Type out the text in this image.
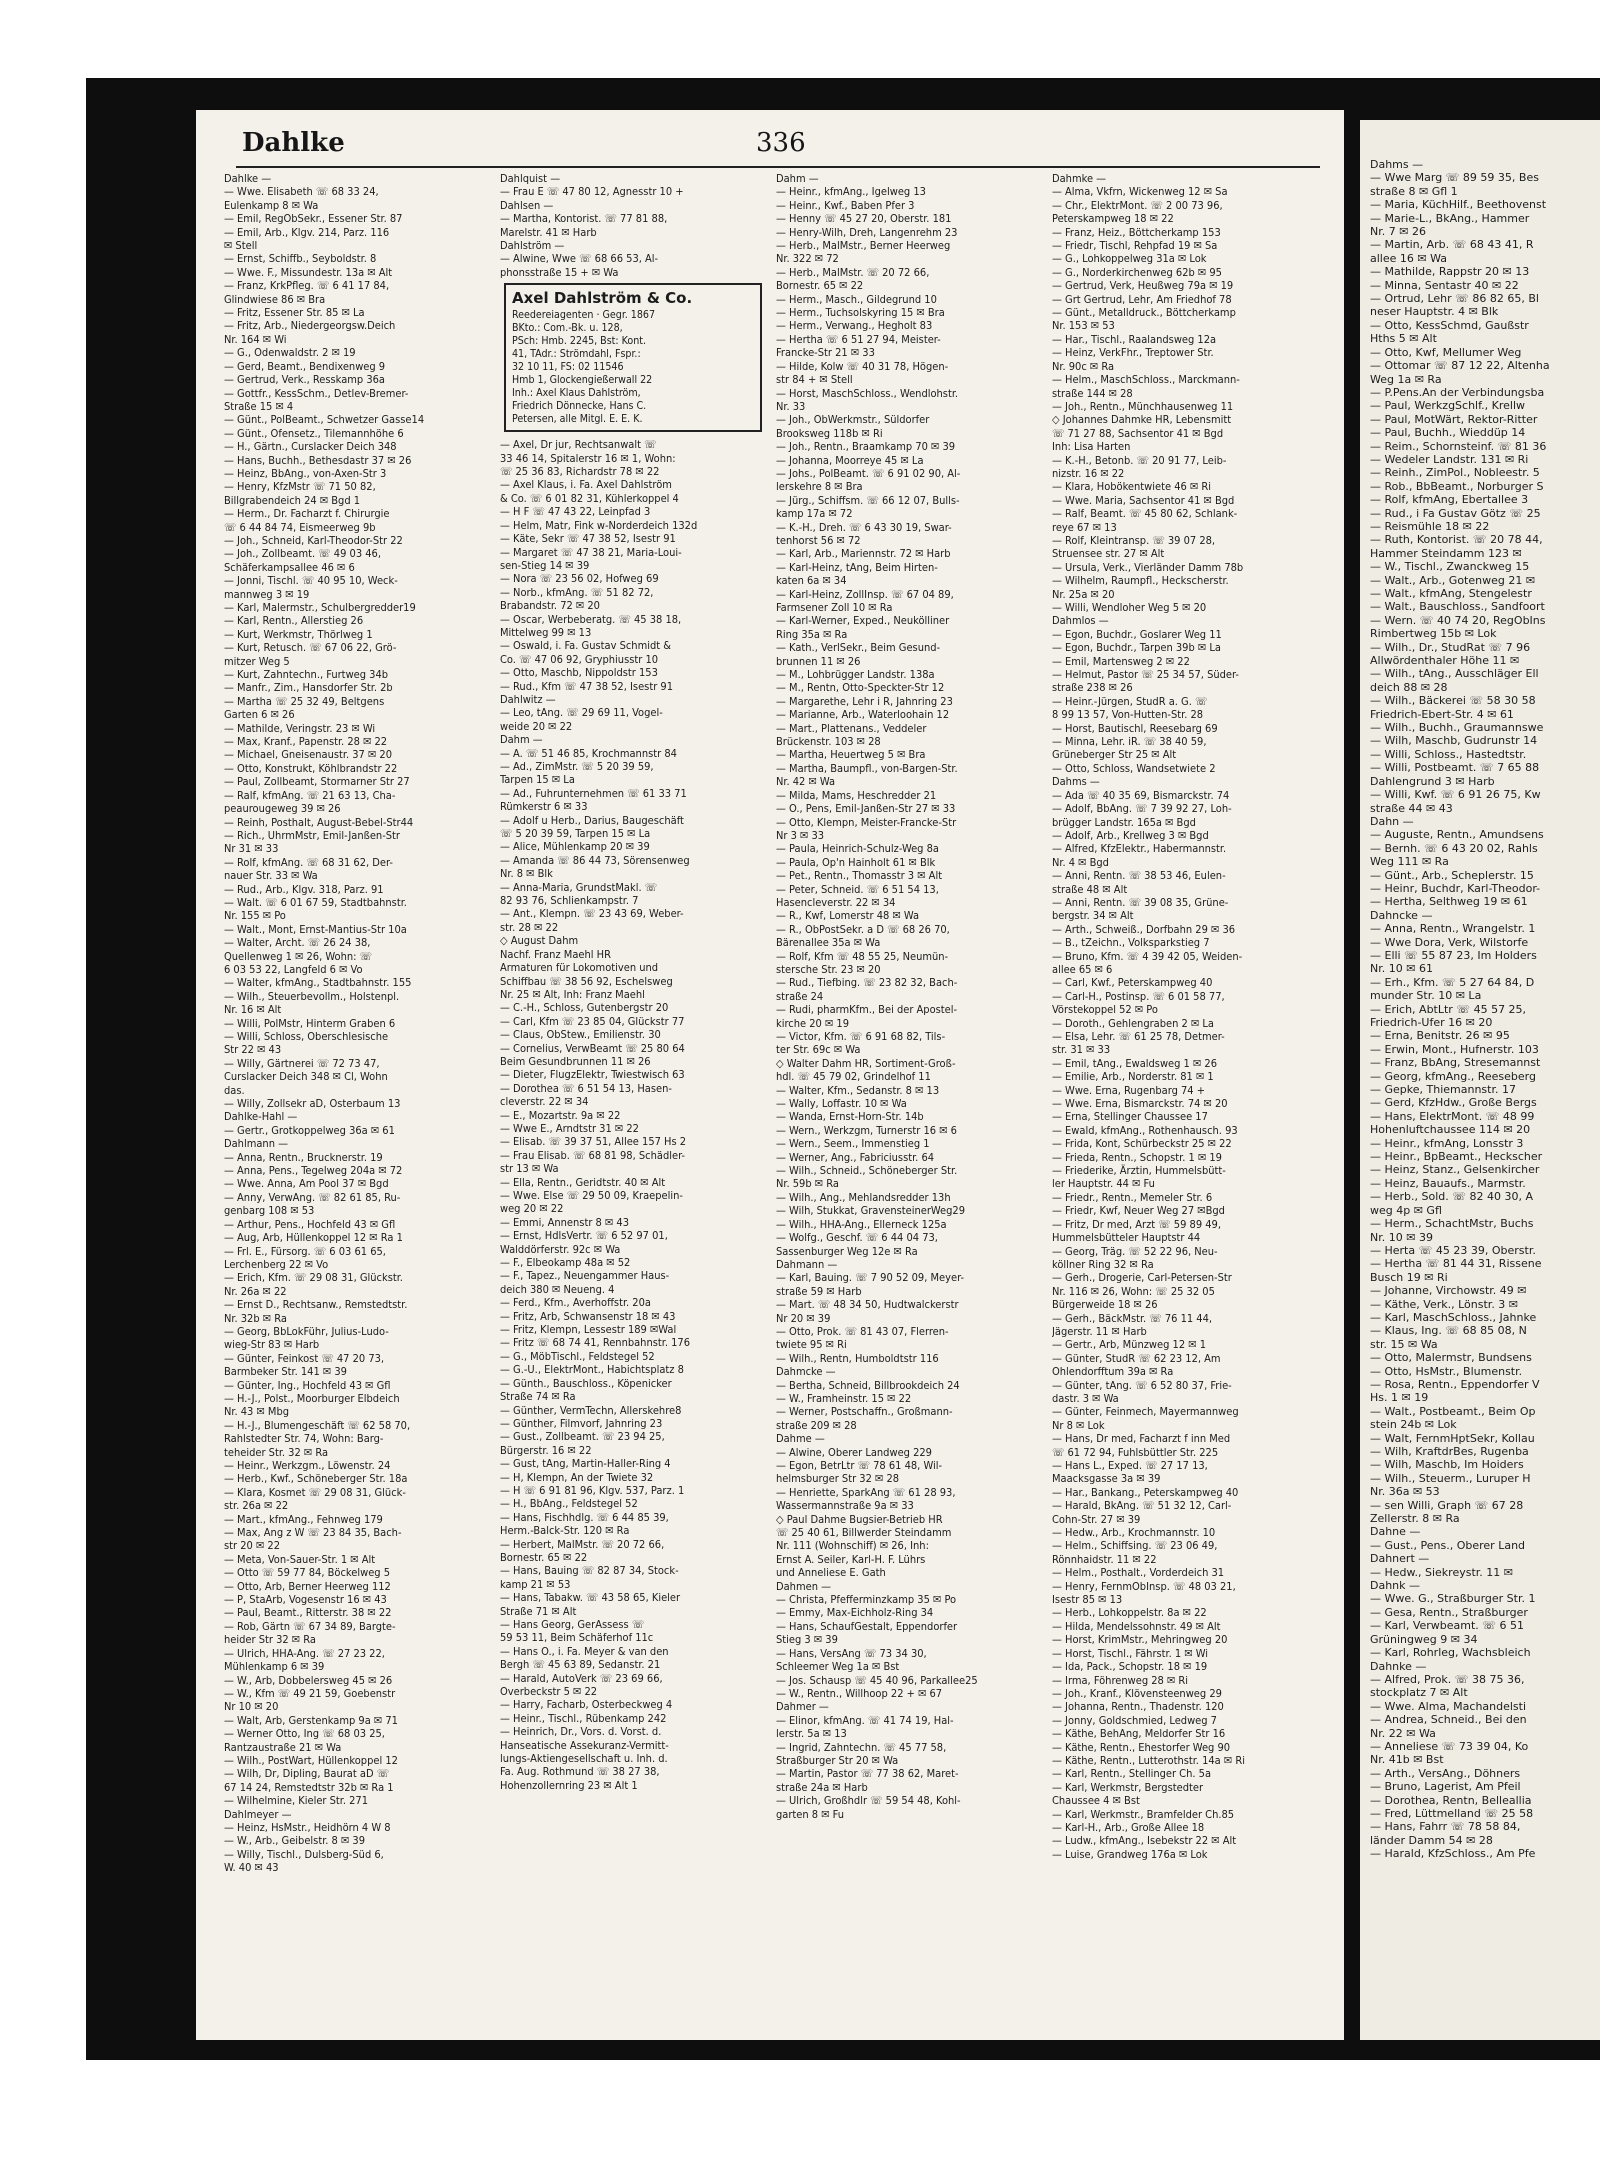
Dahlke	336
Dahlke —
— Wwe. Elisabeth ☏ 68 33 24,
Eulenkamp 8 ✉ Wa
— Emil, RegObSekr., Essener Str. 87
— Emil, Arb., Klgv. 214, Parz. 116
✉ Stell
— Ernst, Schiffb., Seyboldstr. 8
— Wwe. F., Missundestr. 13a ✉ Alt
— Franz, KrkPfleg. ☏ 6 41 17 84,
Glindwiese 86 ✉ Bra
— Fritz, Essener Str. 85 ✉ La
— Fritz, Arb., Niedergeorgsw.Deich
Nr. 164 ✉ Wi
— G., Odenwaldstr. 2 ✉ 19
— Gerd, Beamt., Bendixenweg 9
— Gertrud, Verk., Resskamp 36a
— Gottfr., KessSchm., Detlev-Bremer-
Straße 15 ✉ 4
— Günt., PolBeamt., Schwetzer Gasse14
— Günt., Ofensetz., Tilemannhöhe 6
— H., Gärtn., Curslacker Deich 348
— Hans, Buchh., Bethesdastr 37 ✉ 26
— Heinz, BbAng., von-Axen-Str 3
— Henry, KfzMstr ☏ 71 50 82,
Billgrabendeich 24 ✉ Bgd 1
— Herm., Dr. Facharzt f. Chirurgie
☏ 6 44 84 74, Eismeerweg 9b
— Joh., Schneid, Karl-Theodor-Str 22
— Joh., Zollbeamt. ☏ 49 03 46,
Schäferkampsallee 46 ✉ 6
— Jonni, Tischl. ☏ 40 95 10, Weck-
mannweg 3 ✉ 19
— Karl, Malermstr., Schulbergredder19
— Karl, Rentn., Allerstieg 26
— Kurt, Werkmstr, Thörlweg 1
— Kurt, Retusch. ☏ 67 06 22, Grö-
mitzer Weg 5
— Kurt, Zahntechn., Furtweg 34b
— Manfr., Zim., Hansdorfer Str. 2b
— Martha ☏ 25 32 49, Beltgens
Garten 6 ✉ 26
— Mathilde, Veringstr. 23 ✉ Wi
— Max, Kranf., Papenstr. 28 ✉ 22
— Michael, Gneisenaustr. 37 ✉ 20
— Otto, Konstrukt, Köhlbrandstr 22
— Paul, Zollbeamt, Stormarner Str 27
— Ralf, kfmAng. ☏ 21 63 13, Cha-
peaurougeweg 39 ✉ 26
— Reinh, Posthalt, August-Bebel-Str44
— Rich., UhrmMstr, Emil-Janßen-Str
Nr 31 ✉ 33
— Rolf, kfmAng. ☏ 68 31 62, Der-
nauer Str. 33 ✉ Wa
— Rud., Arb., Klgv. 318, Parz. 91
— Walt. ☏ 6 01 67 59, Stadtbahnstr.
Nr. 155 ✉ Po
— Walt., Mont, Ernst-Mantius-Str 10a
— Walter, Archt. ☏ 26 24 38,
Quellenweg 1 ✉ 26, Wohn: ☏
6 03 53 22, Langfeld 6 ✉ Vo
— Walter, kfmAng., Stadtbahnstr. 155
— Wilh., Steuerbevollm., Holstenpl.
Nr. 16 ✉ Alt
— Willi, PolMstr, Hinterm Graben 6
— Willi, Schloss, Oberschlesische
Str 22 ✉ 43
— Willy, Gärtnerei ☏ 72 73 47,
Curslacker Deich 348 ✉ Cl, Wohn
das.
— Willy, Zollsekr aD, Osterbaum 13
Dahlke-Hahl —
— Gertr., Grotkoppelweg 36a ✉ 61
Dahlmann —
— Anna, Rentn., Brucknerstr. 19
— Anna, Pens., Tegelweg 204a ✉ 72
— Wwe. Anna, Am Pool 37 ✉ Bgd
— Anny, VerwAng. ☏ 82 61 85, Ru-
genbarg 108 ✉ 53
— Arthur, Pens., Hochfeld 43 ✉ Gfl
— Aug, Arb, Hüllenkoppel 12 ✉ Ra 1
— Frl. E., Fürsorg. ☏ 6 03 61 65,
Lerchenberg 22 ✉ Vo
— Erich, Kfm. ☏ 29 08 31, Glückstr.
Nr. 26a ✉ 22
— Ernst D., Rechtsanw., Remstedtstr.
Nr. 32b ✉ Ra
— Georg, BbLokFühr, Julius-Ludo-
wieg-Str 83 ✉ Harb
— Günter, Feinkost ☏ 47 20 73,
Barmbeker Str. 141 ✉ 39
— Günter, Ing., Hochfeld 43 ✉ Gfl
— H.-J., Polst., Moorburger Elbdeich
Nr. 43 ✉ Mbg
— H.-J., Blumengeschäft ☏ 62 58 70,
Rahlstedter Str. 74, Wohn: Barg-
teheider Str. 32 ✉ Ra
— Heinr., Werkzgm., Löwenstr. 24
— Herb., Kwf., Schöneberger Str. 18a
— Klara, Kosmet ☏ 29 08 31, Glück-
str. 26a ✉ 22
— Mart., kfmAng., Fehnweg 179
— Max, Ang z W ☏ 23 84 35, Bach-
str 20 ✉ 22
— Meta, Von-Sauer-Str. 1 ✉ Alt
— Otto ☏ 59 77 84, Böckelweg 5
— Otto, Arb, Berner Heerweg 112
— P, StaArb, Vogesenstr 16 ✉ 43
— Paul, Beamt., Ritterstr. 38 ✉ 22
— Rob, Gärtn ☏ 67 34 89, Bargte-
heider Str 32 ✉ Ra
— Ulrich, HHA-Ang. ☏ 27 23 22,
Mühlenkamp 6 ✉ 39
— W., Arb, Dobbelersweg 45 ✉ 26
— W., Kfm ☏ 49 21 59, Goebenstr
Nr 10 ✉ 20
— Walt, Arb, Gerstenkamp 9a ✉ 71
— Werner Otto, Ing ☏ 68 03 25,
Rantzaustraße 21 ✉ Wa
— Wilh., PostWart, Hüllenkoppel 12
— Wilh, Dr, Dipling, Baurat aD ☏
67 14 24, Remstedtstr 32b ✉ Ra 1
— Wilhelmine, Kieler Str. 271
Dahlmeyer —
— Heinz, HsMstr., Heidhörn 4 W 8
— W., Arb., Geibelstr. 8 ✉ 39
— Willy, Tischl., Dulsberg-Süd 6,
W. 40 ✉ 43
Dahlquist —
— Frau E ☏ 47 80 12, Agnesstr 10 +
Dahlsen —
— Martha, Kontorist. ☏ 77 81 88,
Marelstr. 41 ✉ Harb
Dahlström —
— Alwine, Wwe ☏ 68 66 53, Al-
phonsstraße 15 + ✉ Wa
Axel Dahlström & Co.
Reedereiagenten · Gegr. 1867
BKto.: Com.-Bk. u. 128,
PSch: Hmb. 2245, Bst: Kont.
41, TAdr.: Strömdahl, Fspr.:
32 10 11, FS: 02 11546
Hmb 1, Glockengießerwall 22
Inh.: Axel Klaus Dahlström,
Friedrich Dönnecke, Hans C.
Petersen, alle Mitgl. E. E. K.
— Axel, Dr jur, Rechtsanwalt ☏
33 46 14, Spitalerstr 16 ✉ 1, Wohn:
☏ 25 36 83, Richardstr 78 ✉ 22
— Axel Klaus, i. Fa. Axel Dahlström
& Co. ☏ 6 01 82 31, Kühlerkoppel 4
— H F ☏ 47 43 22, Leinpfad 3
— Helm, Matr, Fink w-Norderdeich 132d
— Käte, Sekr ☏ 47 38 52, Isestr 91
— Margaret ☏ 47 38 21, Maria-Loui-
sen-Stieg 14 ✉ 39
— Nora ☏ 23 56 02, Hofweg 69
— Norb., kfmAng. ☏ 51 82 72,
Brabandstr. 72 ✉ 20
— Oscar, Werbeberatg. ☏ 45 38 18,
Mittelweg 99 ✉ 13
— Oswald, i. Fa. Gustav Schmidt &
Co. ☏ 47 06 92, Gryphiusstr 10
— Otto, Maschb, Nippoldstr 153
— Rud., Kfm ☏ 47 38 52, Isestr 91
Dahlwitz —
— Leo, tAng. ☏ 29 69 11, Vogel-
weide 20 ✉ 22
Dahm —
— A. ☏ 51 46 85, Krochmannstr 84
— Ad., ZimMstr. ☏ 5 20 39 59,
Tarpen 15 ✉ La
— Ad., Fuhrunternehmen ☏ 61 33 71
Rümkerstr 6 ✉ 33
— Adolf u Herb., Darius, Baugeschäft
☏ 5 20 39 59, Tarpen 15 ✉ La
— Alice, Mühlenkamp 20 ✉ 39
— Amanda ☏ 86 44 73, Sörensenweg
Nr. 8 ✉ Blk
— Anna-Maria, GrundstMakl. ☏
82 93 76, Schlienkampstr. 7
— Ant., Klempn. ☏ 23 43 69, Weber-
str. 28 ✉ 22
◇ August Dahm
Nachf. Franz Maehl HR
Armaturen für Lokomotiven und
Schiffbau ☏ 38 56 92, Eschelsweg
Nr. 25 ✉ Alt, Inh: Franz Maehl
— C.-H., Schloss, Gutenbergstr 20
— Carl, Kfm ☏ 23 85 04, Glückstr 77
— Claus, ObStew., Emilienstr. 30
— Cornelius, VerwBeamt ☏ 25 80 64
Beim Gesundbrunnen 11 ✉ 26
— Dieter, FlugzElektr, Twiestwisch 63
— Dorothea ☏ 6 51 54 13, Hasen-
cleverstr. 22 ✉ 34
— E., Mozartstr. 9a ✉ 22
— Wwe E., Arndtstr 31 ✉ 22
— Elisab. ☏ 39 37 51, Allee 157 Hs 2
— Frau Elisab. ☏ 68 81 98, Schädler-
str 13 ✉ Wa
— Ella, Rentn., Geridtstr. 40 ✉ Alt
— Wwe. Else ☏ 29 50 09, Kraepelin-
weg 20 ✉ 22
— Emmi, Annenstr 8 ✉ 43
— Ernst, HdlsVertr. ☏ 6 52 97 01,
Walddörferstr. 92c ✉ Wa
— F., Elbeokamp 48a ✉ 52
— F., Tapez., Neuengammer Haus-
deich 380 ✉ Neueng. 4
— Ferd., Kfm., Averhoffstr. 20a
— Fritz, Arb, Schwansenstr 18 ✉ 43
— Fritz, Klempn, Lessestr 189 ✉Wal
— Fritz ☏ 68 74 41, Rennbahnstr. 176
— G., MöbTischl., Feldstegel 52
— G.-U., ElektrMont., Habichtsplatz 8
— Günth., Bauschloss., Köpenicker
Straße 74 ✉ Ra
— Günther, VermTechn, Allerskehre8
— Günther, Filmvorf, Jahnring 23
— Gust., Zollbeamt. ☏ 23 94 25,
Bürgerstr. 16 ✉ 22
— Gust, tAng, Martin-Haller-Ring 4
— H, Klempn, An der Twiete 32
— H ☏ 6 91 81 96, Klgv. 537, Parz. 1
— H., BbAng., Feldstegel 52
— Hans, Fischhdlg. ☏ 6 44 85 39,
Herm.-Balck-Str. 120 ✉ Ra
— Herbert, MalMstr. ☏ 20 72 66,
Bornestr. 65 ✉ 22
— Hans, Bauing ☏ 82 87 34, Stock-
kamp 21 ✉ 53
— Hans, Tabakw. ☏ 43 58 65, Kieler
Straße 71 ✉ Alt
— Hans Georg, GerAssess ☏
59 53 11, Beim Schäferhof 11c
— Hans O., i. Fa. Meyer & van den
Bergh ☏ 45 63 89, Sedanstr. 21
— Harald, AutoVerk ☏ 23 69 66,
Overbeckstr 5 ✉ 22
— Harry, Facharb, Osterbeckweg 4
— Heinr., Tischl., Rübenkamp 242
— Heinrich, Dr., Vors. d. Vorst. d.
Hanseatische Assekuranz-Vermitt-
lungs-Aktiengesellschaft u. Inh. d.
Fa. Aug. Rothmund ☏ 38 27 38,
Hohenzollernring 23 ✉ Alt 1
Dahm —
— Heinr., kfmAng., Igelweg 13
— Heinr., Kwf., Baben Pfer 3
— Henny ☏ 45 27 20, Oberstr. 181
— Henry-Wilh, Dreh, Langenrehm 23
— Herb., MalMstr., Berner Heerweg
Nr. 322 ✉ 72
— Herb., MalMstr. ☏ 20 72 66,
Bornestr. 65 ✉ 22
— Herm., Masch., Gildegrund 10
— Herm., Tuchsolskyring 15 ✉ Bra
— Herm., Verwang., Hegholt 83
— Hertha ☏ 6 51 27 94, Meister-
Francke-Str 21 ✉ 33
— Hilde, Kolw ☏ 40 31 78, Högen-
str 84 + ✉ Stell
— Horst, MaschSchloss., Wendlohstr.
Nr. 33
— Joh., ObWerkmstr., Süldorfer
Brooksweg 118b ✉ Ri
— Joh., Rentn., Braamkamp 70 ✉ 39
— Johanna, Moorreye 45 ✉ La
— Johs., PolBeamt. ☏ 6 91 02 90, Al-
lerskehre 8 ✉ Bra
— Jürg., Schiffsm. ☏ 66 12 07, Bulls-
kamp 17a ✉ 72
— K.-H., Dreh. ☏ 6 43 30 19, Swar-
tenhorst 56 ✉ 72
— Karl, Arb., Mariennstr. 72 ✉ Harb
— Karl-Heinz, tAng, Beim Hirten-
katen 6a ✉ 34
— Karl-Heinz, ZollInsp. ☏ 67 04 89,
Farmsener Zoll 10 ✉ Ra
— Karl-Werner, Exped., Neukölliner
Ring 35a ✉ Ra
— Kath., VerlSekr., Beim Gesund-
brunnen 11 ✉ 26
— M., Lohbrügger Landstr. 138a
— M., Rentn, Otto-Speckter-Str 12
— Margarethe, Lehr i R, Jahnring 23
— Marianne, Arb., Waterloohain 12
— Mart., Plattenans., Veddeler
Brückenstr. 103 ✉ 28
— Martha, Heuertweg 5 ✉ Bra
— Martha, Baumpfl., von-Bargen-Str.
Nr. 42 ✉ Wa
— Milda, Mams, Heschredder 21
— O., Pens, Emil-Janßen-Str 27 ✉ 33
— Otto, Klempn, Meister-Francke-Str
Nr 3 ✉ 33
— Paula, Heinrich-Schulz-Weg 8a
— Paula, Op'n Hainholt 61 ✉ Blk
— Pet., Rentn., Thomasstr 3 ✉ Alt
— Peter, Schneid. ☏ 6 51 54 13,
Hasencleverstr. 22 ✉ 34
— R., Kwf, Lomerstr 48 ✉ Wa
— R., ObPostSekr. a D ☏ 68 26 70,
Bärenallee 35a ✉ Wa
— Rolf, Kfm ☏ 48 55 25, Neumün-
stersche Str. 23 ✉ 20
— Rud., Tiefbing. ☏ 23 82 32, Bach-
straße 24
— Rudi, pharmKfm., Bei der Apostel-
kirche 20 ✉ 19
— Victor, Kfm. ☏ 6 91 68 82, Tils-
ter Str. 69c ✉ Wa
◇ Walter Dahm HR, Sortiment-Groß-
hdl. ☏ 45 79 02, Grindelhof 11
— Walter, Kfm., Sedanstr. 8 ✉ 13
— Wally, Loffastr. 10 ✉ Wa
— Wanda, Ernst-Horn-Str. 14b
— Wern., Werkzgm, Turnerstr 16 ✉ 6
— Wern., Seem., Immenstieg 1
— Werner, Ang., Fabriciusstr. 64
— Wilh., Schneid., Schöneberger Str.
Nr. 59b ✉ Ra
— Wilh., Ang., Mehlandsredder 13h
— Wilh, Stukkat, GravensteinerWeg29
— Wilh., HHA-Ang., Ellerneck 125a
— Wolfg., Geschf. ☏ 6 44 04 73,
Sassenburger Weg 12e ✉ Ra
Dahmann —
— Karl, Bauing. ☏ 7 90 52 09, Meyer-
straße 59 ✉ Harb
— Mart. ☏ 48 34 50, Hudtwalckerstr
Nr 20 ✉ 39
— Otto, Prok. ☏ 81 43 07, Flerren-
twiete 95 ✉ Ri
— Wilh., Rentn, Humboldtstr 116
Dahmcke —
— Bertha, Schneid, Billbrookdeich 24
— W., Framheinstr. 15 ✉ 22
— Werner, Postschaffn., Großmann-
straße 209 ✉ 28
Dahme —
— Alwine, Oberer Landweg 229
— Egon, BetrLtr ☏ 78 61 48, Wil-
helmsburger Str 32 ✉ 28
— Henriette, SparkAng ☏ 61 28 93,
Wassermannstraße 9a ✉ 33
◇ Paul Dahme Bugsier-Betrieb HR
☏ 25 40 61, Billwerder Steindamm
Nr. 111 (Wohnschiff) ✉ 26, Inh:
Ernst A. Seiler, Karl-H. F. Lührs
und Anneliese E. Gath
Dahmen —
— Christa, Pfefferminzkamp 35 ✉ Po
— Emmy, Max-Eichholz-Ring 34
— Hans, SchaufGestalt, Eppendorfer
Stieg 3 ✉ 39
— Hans, VersAng ☏ 73 34 30,
Schleemer Weg 1a ✉ Bst
— Jos. Schausp ☏ 45 40 96, Parkallee25
— W., Rentn., Willhoop 22 + ✉ 67
Dahmer —
— Elinor, kfmAng. ☏ 41 74 19, Hal-
lerstr. 5a ✉ 13
— Ingrid, Zahntechn. ☏ 45 77 58,
Straßburger Str 20 ✉ Wa
— Martin, Pastor ☏ 77 38 62, Maret-
straße 24a ✉ Harb
— Ulrich, Großhdlr ☏ 59 54 48, Kohl-
garten 8 ✉ Fu
Dahmke —
— Alma, Vkfrn, Wickenweg 12 ✉ Sa
— Chr., ElektrMont. ☏ 2 00 73 96,
Peterskampweg 18 ✉ 22
— Franz, Heiz., Böttcherkamp 153
— Friedr, Tischl, Rehpfad 19 ✉ Sa
— G., Lohkoppelweg 31a ✉ Lok
— G., Norderkirchenweg 62b ✉ 95
— Gertrud, Verk, Heußweg 79a ✉ 19
— Grt Gertrud, Lehr, Am Friedhof 78
— Günt., Metalldruck., Böttcherkamp
Nr. 153 ✉ 53
— Har., Tischl., Raalandsweg 12a
— Heinz, VerkFhr., Treptower Str.
Nr. 90c ✉ Ra
— Helm., MaschSchloss., Marckmann-
straße 144 ✉ 28
— Joh., Rentn., Münchhausenweg 11
◇ Johannes Dahmke HR, Lebensmitt
☏ 71 27 88, Sachsentor 41 ✉ Bgd
Inh: Lisa Harten
— K.-H., Betonb. ☏ 20 91 77, Leib-
nizstr. 16 ✉ 22
— Klara, Hobökentwiete 46 ✉ Ri
— Wwe. Maria, Sachsentor 41 ✉ Bgd
— Ralf, Beamt. ☏ 45 80 62, Schlank-
reye 67 ✉ 13
— Rolf, Kleintransp. ☏ 39 07 28,
Struensee str. 27 ✉ Alt
— Ursula, Verk., Vierländer Damm 78b
— Wilhelm, Raumpfl., Heckscherstr.
Nr. 25a ✉ 20
— Willi, Wendloher Weg 5 ✉ 20
Dahmlos —
— Egon, Buchdr., Goslarer Weg 11
— Egon, Buchdr., Tarpen 39b ✉ La
— Emil, Martensweg 2 ✉ 22
— Helmut, Pastor ☏ 25 34 57, Süder-
straße 238 ✉ 26
— Heinr.-Jürgen, StudR a. G. ☏
8 99 13 57, Von-Hutten-Str. 28
— Horst, Bautischl, Reesebarg 69
— Minna, Lehr. iR. ☏ 38 40 59,
Grüneberger Str 25 ✉ Alt
— Otto, Schloss, Wandsetwiete 2
Dahms —
— Ada ☏ 40 35 69, Bismarckstr. 74
— Adolf, BbAng. ☏ 7 39 92 27, Loh-
brügger Landstr. 165a ✉ Bgd
— Adolf, Arb., Krellweg 3 ✉ Bgd
— Alfred, KfzElektr., Habermannstr.
Nr. 4 ✉ Bgd
— Anni, Rentn. ☏ 38 53 46, Eulen-
straße 48 ✉ Alt
— Anni, Rentn. ☏ 39 08 35, Grüne-
bergstr. 34 ✉ Alt
— Arth., Schweiß., Dorfbahn 29 ✉ 36
— B., tZeichn., Volksparkstieg 7
— Bruno, Kfm. ☏ 4 39 42 05, Weiden-
allee 65 ✉ 6
— Carl, Kwf., Peterskampweg 40
— Carl-H., Postinsp. ☏ 6 01 58 77,
Vörstekoppel 52 ✉ Po
— Doroth., Gehlengraben 2 ✉ La
— Elsa, Lehr. ☏ 61 25 78, Detmer-
str. 31 ✉ 33
— Emil, tAng., Ewaldsweg 1 ✉ 26
— Emilie, Arb., Norderstr. 81 ✉ 1
— Wwe. Erna, Rugenbarg 74 +
— Wwe. Erna, Bismarckstr. 74 ✉ 20
— Erna, Stellinger Chaussee 17
— Ewald, kfmAng., Rothenhausch. 93
— Frida, Kont, Schürbeckstr 25 ✉ 22
— Frieda, Rentn., Schopstr. 1 ✉ 19
— Friederike, Ärztin, Hummelsbütt-
ler Hauptstr. 44 ✉ Fu
— Friedr., Rentn., Memeler Str. 6
— Friedr, Kwf, Neuer Weg 27 ✉Bgd
— Fritz, Dr med, Arzt ☏ 59 89 49,
Hummelsbütteler Hauptstr 44
— Georg, Träg. ☏ 52 22 96, Neu-
köllner Ring 32 ✉ Ra
— Gerh., Drogerie, Carl-Petersen-Str
Nr. 116 ✉ 26, Wohn: ☏ 25 32 05
Bürgerweide 18 ✉ 26
— Gerh., BäckMstr. ☏ 76 11 44,
Jägerstr. 11 ✉ Harb
— Gertr., Arb, Münzweg 12 ✉ 1
— Günter, StudR ☏ 62 23 12, Am
Ohlendorfftum 39a ✉ Ra
— Günter, tAng. ☏ 6 52 80 37, Frie-
dastr. 3 ✉ Wa
— Günter, Feinmech, Mayermannweg
Nr 8 ✉ Lok
— Hans, Dr med, Facharzt f inn Med
☏ 61 72 94, Fuhlsbüttler Str. 225
— Hans L., Exped. ☏ 27 17 13,
Maacksgasse 3a ✉ 39
— Har., Bankang., Peterskampweg 40
— Harald, BkAng. ☏ 51 32 12, Carl-
Cohn-Str. 27 ✉ 39
— Hedw., Arb., Krochmannstr. 10
— Helm., Schiffsing. ☏ 23 06 49,
Rönnhaidstr. 11 ✉ 22
— Helm., Posthalt., Vorderdeich 31
— Henry, FernmObInsp. ☏ 48 03 21,
Isestr 85 ✉ 13
— Herb., Lohkoppelstr. 8a ✉ 22
— Hilda, Mendelssohnstr. 49 ✉ Alt
— Horst, KrimMstr., Mehringweg 20
— Horst, Tischl., Fährstr. 1 ✉ Wi
— Ida, Pack., Schopstr. 18 ✉ 19
— Irma, Föhrenweg 28 ✉ Ri
— Joh., Kranf., Klövensteenweg 29
— Johanna, Rentn., Thadenstr. 120
— Jonny, Goldschmied, Ledweg 7
— Käthe, BehAng, Meldorfer Str 16
— Käthe, Rentn., Ehestorfer Weg 90
— Käthe, Rentn., Lutterothstr. 14a ✉ Ri
— Karl, Rentn., Stellinger Ch. 5a
— Karl, Werkmstr, Bergstedter
Chaussee 4 ✉ Bst
— Karl, Werkmstr., Bramfelder Ch.85
— Karl-H., Arb., Große Allee 18
— Ludw., kfmAng., Isebekstr 22 ✉ Alt
— Luise, Grandweg 176a ✉ Lok
Dahms —
— Wwe Marg ☏ 89 59 35, Bes
straße 8 ✉ Gfl 1
— Maria, KüchHilf., Beethovenst
— Marie-L., BkAng., Hammer
Nr. 7 ✉ 26
— Martin, Arb. ☏ 68 43 41, R
allee 16 ✉ Wa
— Mathilde, Rappstr 20 ✉ 13
— Minna, Sentastr 40 ✉ 22
— Ortrud, Lehr ☏ 86 82 65, Bl
neser Hauptstr. 4 ✉ Blk
— Otto, KessSchmd, Gaußstr
Hths 5 ✉ Alt
— Otto, Kwf, Mellumer Weg
— Ottomar ☏ 87 12 22, Altenha
Weg 1a ✉ Ra
— P.Pens.An der Verbindungsba
— Paul, WerkzgSchlf., Krellw
— Paul, MotWärt, Rektor-Ritter
— Paul, Buchh., Wieddüp 14
— Reim., Schornsteinf. ☏ 81 36
— Wedeler Landstr. 131 ✉ Ri
— Reinh., ZimPol., Nobleestr. 5
— Rob., BbBeamt., Norburger S
— Rolf, kfmAng, Ebertallee 3
— Rud., i Fa Gustav Götz ☏ 25
— Reismühle 18 ✉ 22
— Ruth, Kontorist. ☏ 20 78 44,
Hammer Steindamm 123 ✉
— W., Tischl., Zwanckweg 15
— Walt., Arb., Gotenweg 21 ✉
— Walt., kfmAng, Stengelestr
— Walt., Bauschloss., Sandfoort
— Wern. ☏ 40 74 20, RegObIns
Rimbertweg 15b ✉ Lok
— Wilh., Dr., StudRat ☏ 7 96
Allwördenthaler Höhe 11 ✉
— Wilh., tAng., Ausschläger Ell
deich 88 ✉ 28
— Wilh., Bäckerei ☏ 58 30 58
Friedrich-Ebert-Str. 4 ✉ 61
— Wilh., Buchh., Graumannswe
— Wilh, Maschb, Gudrunstr 14
— Willi, Schloss., Hastedtstr.
— Willi, Postbeamt. ☏ 7 65 88
Dahlengrund 3 ✉ Harb
— Willi, Kwf. ☏ 6 91 26 75, Kw
straße 44 ✉ 43
Dahn —
— Auguste, Rentn., Amundsens
— Bernh. ☏ 6 43 20 02, Rahls
Weg 111 ✉ Ra
— Günt., Arb., Scheplerstr. 15
— Heinr, Buchdr, Karl-Theodor-
— Hertha, Selthweg 19 ✉ 61
Dahncke —
— Anna, Rentn., Wrangelstr. 1
— Wwe Dora, Verk, Wilstorfe
— Elli ☏ 55 87 23, Im Holders
Nr. 10 ✉ 61
— Erh., Kfm. ☏ 5 27 64 84, D
munder Str. 10 ✉ La
— Erich, AbtLtr ☏ 45 57 25,
Friedrich-Ufer 16 ✉ 20
— Erna, Benitstr. 26 ✉ 95
— Erwin, Mont., Hufnerstr. 103
— Franz, BbAng, Stresemannst
— Georg, kfmAng., Reeseberg
— Gepke, Thiemannstr. 17
— Gerd, KfzHdw., Große Bergs
— Hans, ElektrMont. ☏ 48 99
Hohenluftchaussee 114 ✉ 20
— Heinr., kfmAng, Lonsstr 3
— Heinr., BpBeamt., Heckscher
— Heinz, Stanz., Gelsenkircher
— Heinz, Bauaufs., Marmstr.
— Herb., Sold. ☏ 82 40 30, A
weg 4p ✉ Gfl
— Herm., SchachtMstr, Buchs
Nr. 10 ✉ 39
— Herta ☏ 45 23 39, Oberstr.
— Hertha ☏ 81 44 31, Rissene
Busch 19 ✉ Ri
— Johanne, Virchowstr. 49 ✉
— Käthe, Verk., Lönstr. 3 ✉
— Karl, MaschSchloss., Jahnke
— Klaus, Ing. ☏ 68 85 08, N
str. 15 ✉ Wa
— Otto, Malermstr, Bundsens
— Otto, HsMstr., Blumenstr.
— Rosa, Rentn., Eppendorfer V
Hs. 1 ✉ 19
— Walt., Postbeamt., Beim Op
stein 24b ✉ Lok
— Walt, FernmHptSekr, Kollau
— Wilh, KraftdrBes, Rugenba
— Wilh, Maschb, Im Hoiders
— Wilh., Steuerm., Luruper H
Nr. 36a ✉ 53
— sen Willi, Graph ☏ 67 28
Zellerstr. 8 ✉ Ra
Dahne —
— Gust., Pens., Oberer Land
Dahnert —
— Hedw., Siekreystr. 11 ✉
Dahnk —
— Wwe. G., Straßburger Str. 1
— Gesa, Rentn., Straßburger
— Karl, Verwbeamt. ☏ 6 51
Grüningweg 9 ✉ 34
— Karl, Rohrleg, Wachsbleich
Dahnke —
— Alfred, Prok. ☏ 38 75 36,
stockplatz 7 ✉ Alt
— Wwe. Alma, Machandelsti
— Andrea, Schneid., Bei den
Nr. 22 ✉ Wa
— Anneliese ☏ 73 39 04, Ko
Nr. 41b ✉ Bst
— Arth., VersAng., Döhners
— Bruno, Lagerist, Am Pfeil
— Dorothea, Rentn, Belleallia
— Fred, Lüttmelland ☏ 25 58
— Hans, Fahrr ☏ 78 58 84,
länder Damm 54 ✉ 28
— Harald, KfzSchloss., Am Pfe
